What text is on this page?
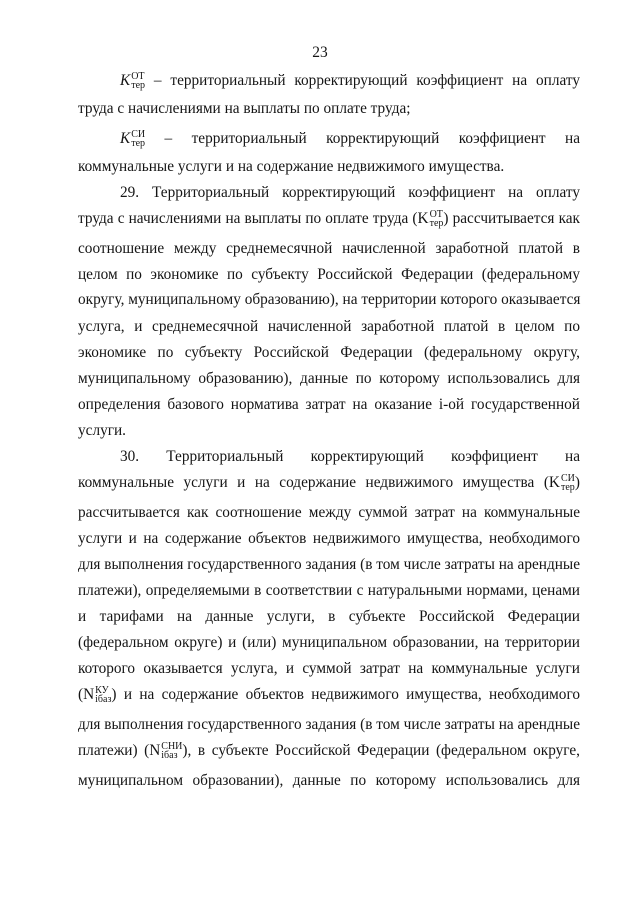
23
K ОТ
тер – территориальный корректирующий коэффициент на оплату
труда с начислениями на выплаты по оплате труда;
K СИ
тер – территориальный корректирующий коэффициент на
коммунальные услуги и на содержание недвижимого имущества.
29. Территориальный корректирующий коэффициент на оплату
труда с начислениями на выплаты по оплате труда (K ОТ
тер ) рассчитывается как
соотношение между среднемесячной начисленной заработной платой в
целом по экономике по субъекту Российской Федерации (федеральному
округу, муниципальному образованию), на территории которого оказывается
услуга, и среднемесячной начисленной заработной платой в целом по
экономике по субъекту Российской Федерации (федеральному округу,
муниципальному образованию), данные по которому использовались для
определения базового норматива затрат на оказание i-ой государственной
услуги.
30. Территориальный корректирующий коэффициент на
коммунальные услуги и на содержание недвижимого имущества (K СИ
тер )
рассчитывается как соотношение между суммой затрат на коммунальные
услуги и на содержание объектов недвижимого имущества, необходимого
для выполнения государственного задания (в том числе затраты на арендные
платежи), определяемыми в соответствии с натуральными нормами, ценами
и тарифами на данные услуги, в субъекте Российской Федерации
(федеральном округе) и (или) муниципальном образовании, на территории
которого оказывается услуга, и суммой затрат на коммунальные услуги
(N КУ
iбаз ) и на содержание объектов недвижимого имущества, необходимого
для выполнения государственного задания (в том числе затраты на арендные
платежи) (N СНИ
iбаз ), в субъекте Российской Федерации (федеральном округе,
муниципальном образовании), данные по которому использовались для
